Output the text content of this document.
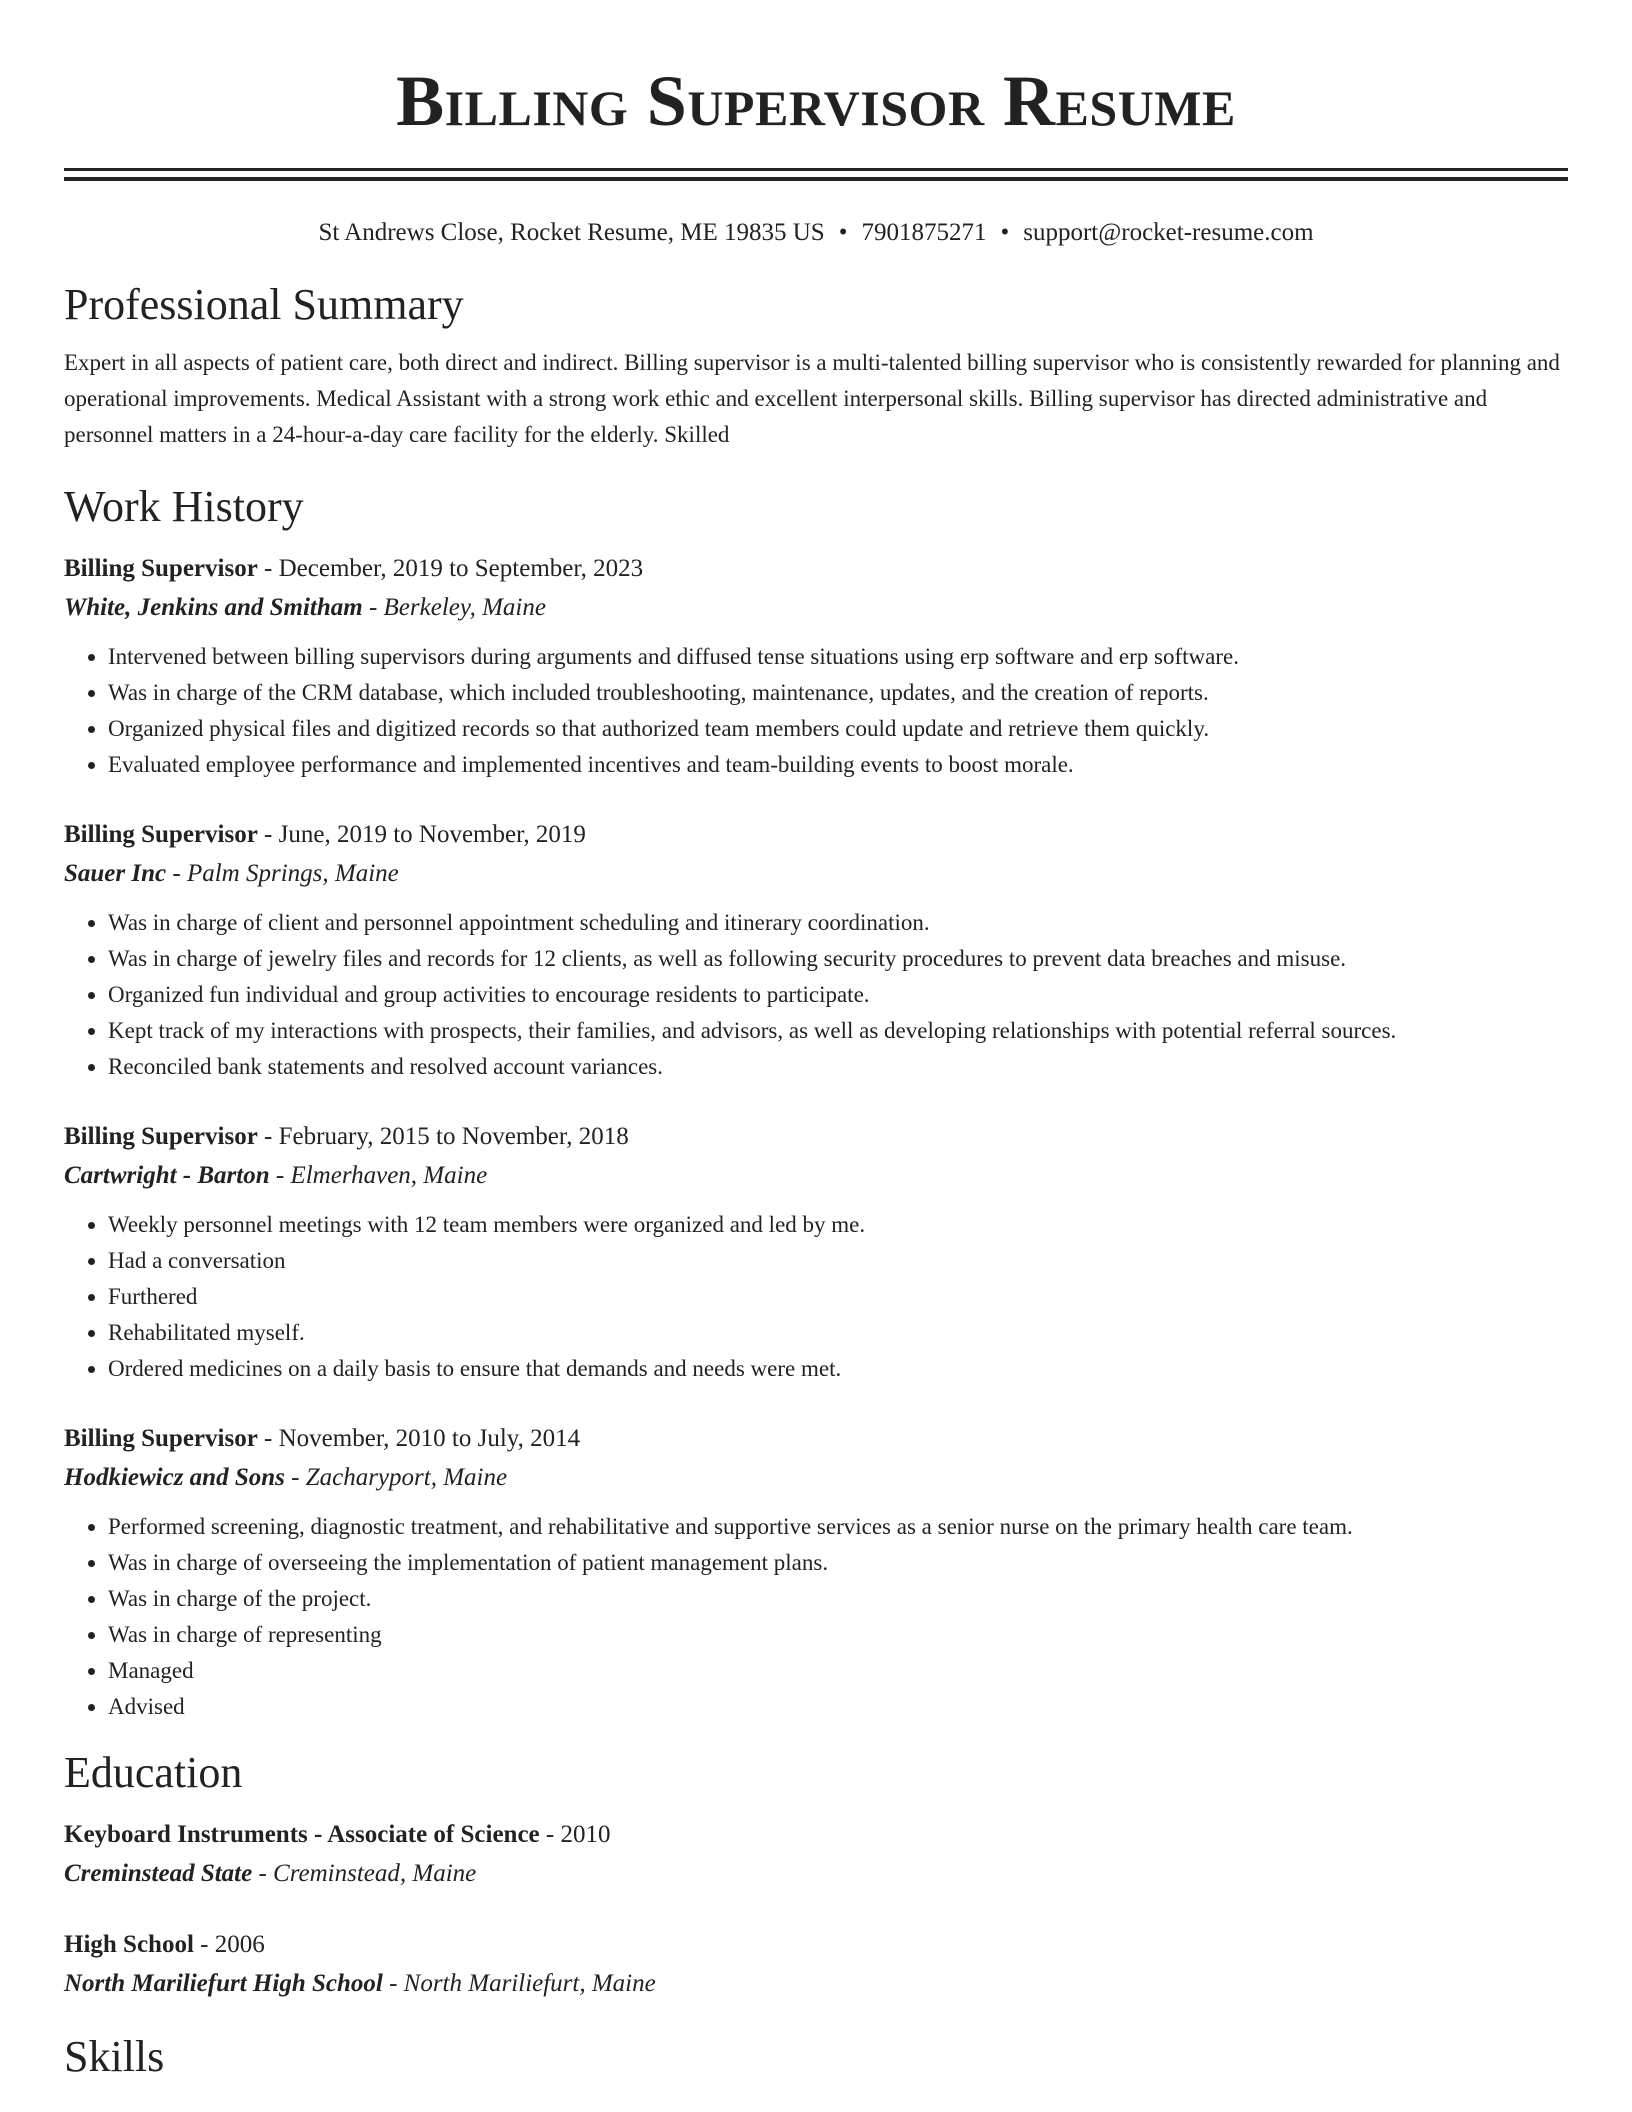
Billing Supervisor Resume
St Andrews Close, Rocket Resume, ME 19835 US • 7901875271 • support@rocket-resume.com
Professional Summary
Expert in all aspects of patient care, both direct and indirect. Billing supervisor is a multi-talented billing supervisor who is consistently rewarded for planning and operational improvements. Medical Assistant with a strong work ethic and excellent interpersonal skills. Billing supervisor has directed administrative and personnel matters in a 24-hour-a-day care facility for the elderly. Skilled
Work History
Billing Supervisor - December, 2019 to September, 2023
White, Jenkins and Smitham - Berkeley, Maine
• Intervened between billing supervisors during arguments and diffused tense situations using erp software and erp software.
• Was in charge of the CRM database, which included troubleshooting, maintenance, updates, and the creation of reports.
• Organized physical files and digitized records so that authorized team members could update and retrieve them quickly.
• Evaluated employee performance and implemented incentives and team-building events to boost morale.
Billing Supervisor - June, 2019 to November, 2019
Sauer Inc - Palm Springs, Maine
• Was in charge of client and personnel appointment scheduling and itinerary coordination.
• Was in charge of jewelry files and records for 12 clients, as well as following security procedures to prevent data breaches and misuse.
• Organized fun individual and group activities to encourage residents to participate.
• Kept track of my interactions with prospects, their families, and advisors, as well as developing relationships with potential referral sources.
• Reconciled bank statements and resolved account variances.
Billing Supervisor - February, 2015 to November, 2018
Cartwright - Barton - Elmerhaven, Maine
• Weekly personnel meetings with 12 team members were organized and led by me.
• Had a conversation
• Furthered
• Rehabilitated myself.
• Ordered medicines on a daily basis to ensure that demands and needs were met.
Billing Supervisor - November, 2010 to July, 2014
Hodkiewicz and Sons - Zacharyport, Maine
• Performed screening, diagnostic treatment, and rehabilitative and supportive services as a senior nurse on the primary health care team.
• Was in charge of overseeing the implementation of patient management plans.
• Was in charge of the project.
• Was in charge of representing
• Managed
• Advised
Education
Keyboard Instruments - Associate of Science - 2010
Creminstead State - Creminstead, Maine
High School - 2006
North Mariliefurt High School - North Mariliefurt, Maine
Skills
